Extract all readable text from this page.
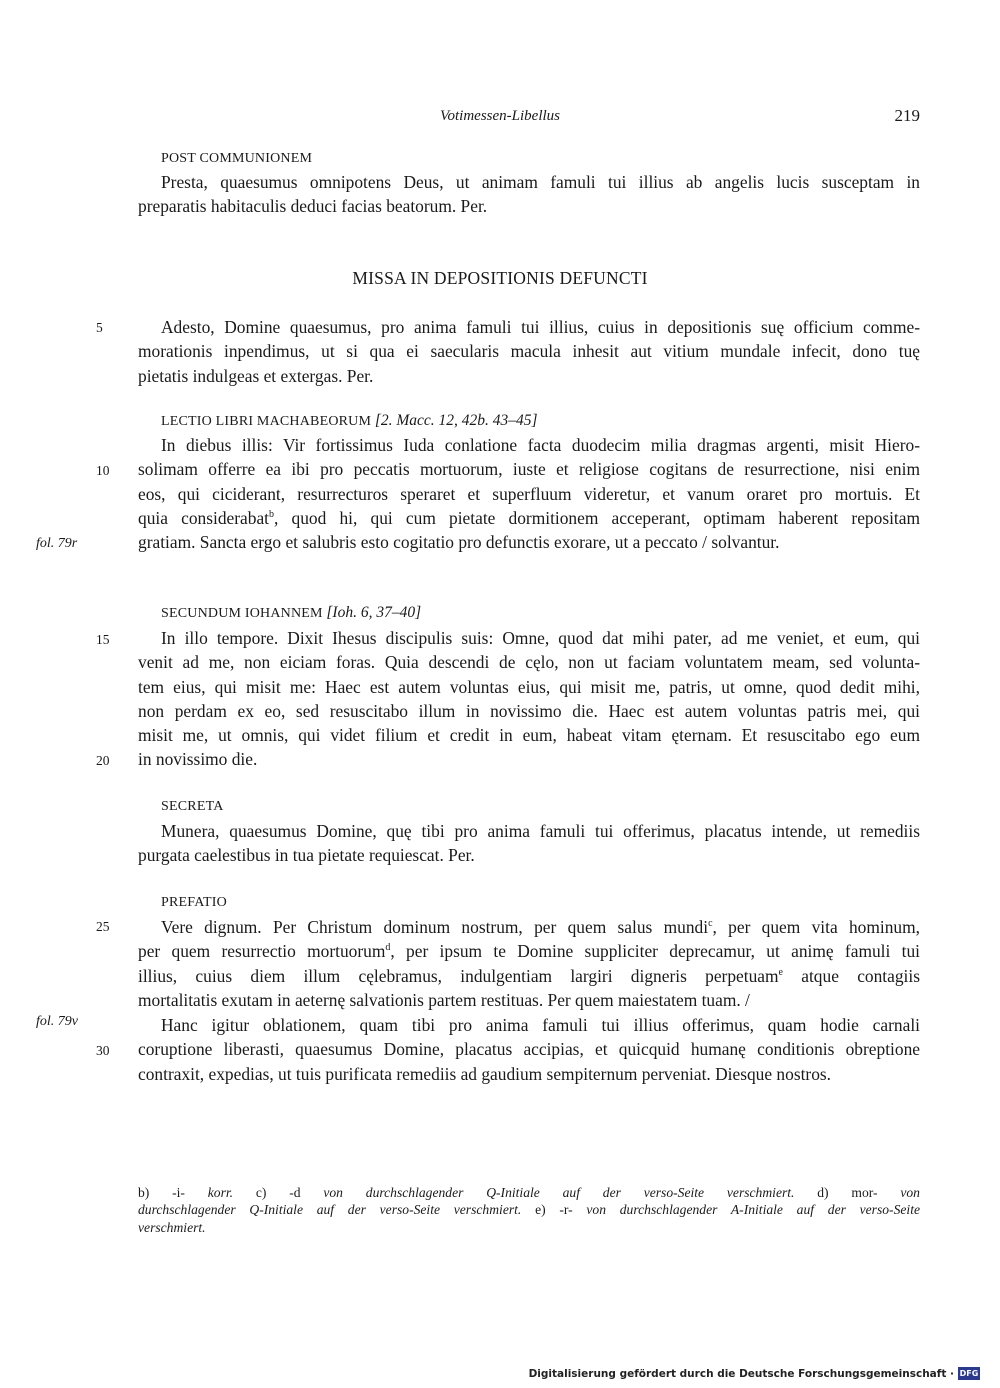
Votimessen-Libellus	219
POST COMMUNIONEM
Presta, quaesumus omnipotens Deus, ut animam famuli tui illius ab angelis lucis susceptam in
preparatis habitaculis deduci facias beatorum. Per.
MISSA IN DEPOSITIONIS DEFUNCTI
Adesto, Domine quaesumus, pro anima famuli tui illius, cuius in depositionis suę officium comme-
morationis inpendimus, ut si qua ei saecularis macula inhesit aut vitium mundale infecit, dono tuę
pietatis indulgeas et extergas. Per.
LECTIO LIBRI MACHABEORUM [2. Macc. 12, 42b. 43–45]
In diebus illis: Vir fortissimus Iuda conlatione facta duodecim milia dragmas argenti, misit Hiero-
solimam offerre ea ibi pro peccatis mortuorum, iuste et religiose cogitans de resurrectione, nisi enim
eos, qui ciciderant, resurrecturos speraret et superfluum videretur, et vanum oraret pro mortuis. Et
quia considerabat$^b$, quod hi, qui cum pietate dormitionem acceperant, optimam haberent repositam
gratiam. Sancta ergo et salubris esto cogitatio pro defunctis exorare, ut a peccato / solvantur.
SECUNDUM IOHANNEM [Ioh. 6, 37–40]
In illo tempore. Dixit Ihesus discipulis suis: Omne, quod dat mihi pater, ad me veniet, et eum, qui
venit ad me, non eiciam foras. Quia descendi de cęlo, non ut faciam voluntatem meam, sed volunta-
tem eius, qui misit me: Haec est autem voluntas eius, qui misit me, patris, ut omne, quod dedit mihi,
non perdam ex eo, sed resuscitabo illum in novissimo die. Haec est autem voluntas patris mei, qui
misit me, ut omnis, qui videt filium et credit in eum, habeat vitam ęternam. Et resuscitabo ego eum
in novissimo die.
SECRETA
Munera, quaesumus Domine, quę tibi pro anima famuli tui offerimus, placatus intende, ut remediis
purgata caelestibus in tua pietate requiescat. Per.
PREFATIO
Vere dignum. Per Christum dominum nostrum, per quem salus mundi$^c$, per quem vita hominum,
per quem resurrectio mortuorum$^d$, per ipsum te Domine suppliciter deprecamur, ut animę famuli tui
illius, cuius diem illum cęlebramus, indulgentiam largiri digneris perpetuam$^e$ atque contagiis
mortalitatis exutam in aeternę salvationis partem restituas. Per quem maiestatem tuam. /
Hanc igitur oblationem, quam tibi pro anima famuli tui illius offerimus, quam hodie carnali
coruptione liberasti, quaesumus Domine, placatus accipias, et quicquid humanę conditionis obreptione
contraxit, expedias, ut tuis purificata remediis ad gaudium sempiternum perveniat. Diesque nostros.
5
10
15
20
25
30
fol. 79r
fol. 79v
b) -i- korr. c) -d von durchschlagender Q-Initiale auf der verso-Seite verschmiert. d) mor- von
durchschlagender Q-Initiale auf der verso-Seite verschmiert. e) -r- von durchschlagender A-Initiale auf der verso-Seite
verschmiert.
Digitalisierung gefördert durch die Deutsche Forschungsgemeinschaft · DFG
